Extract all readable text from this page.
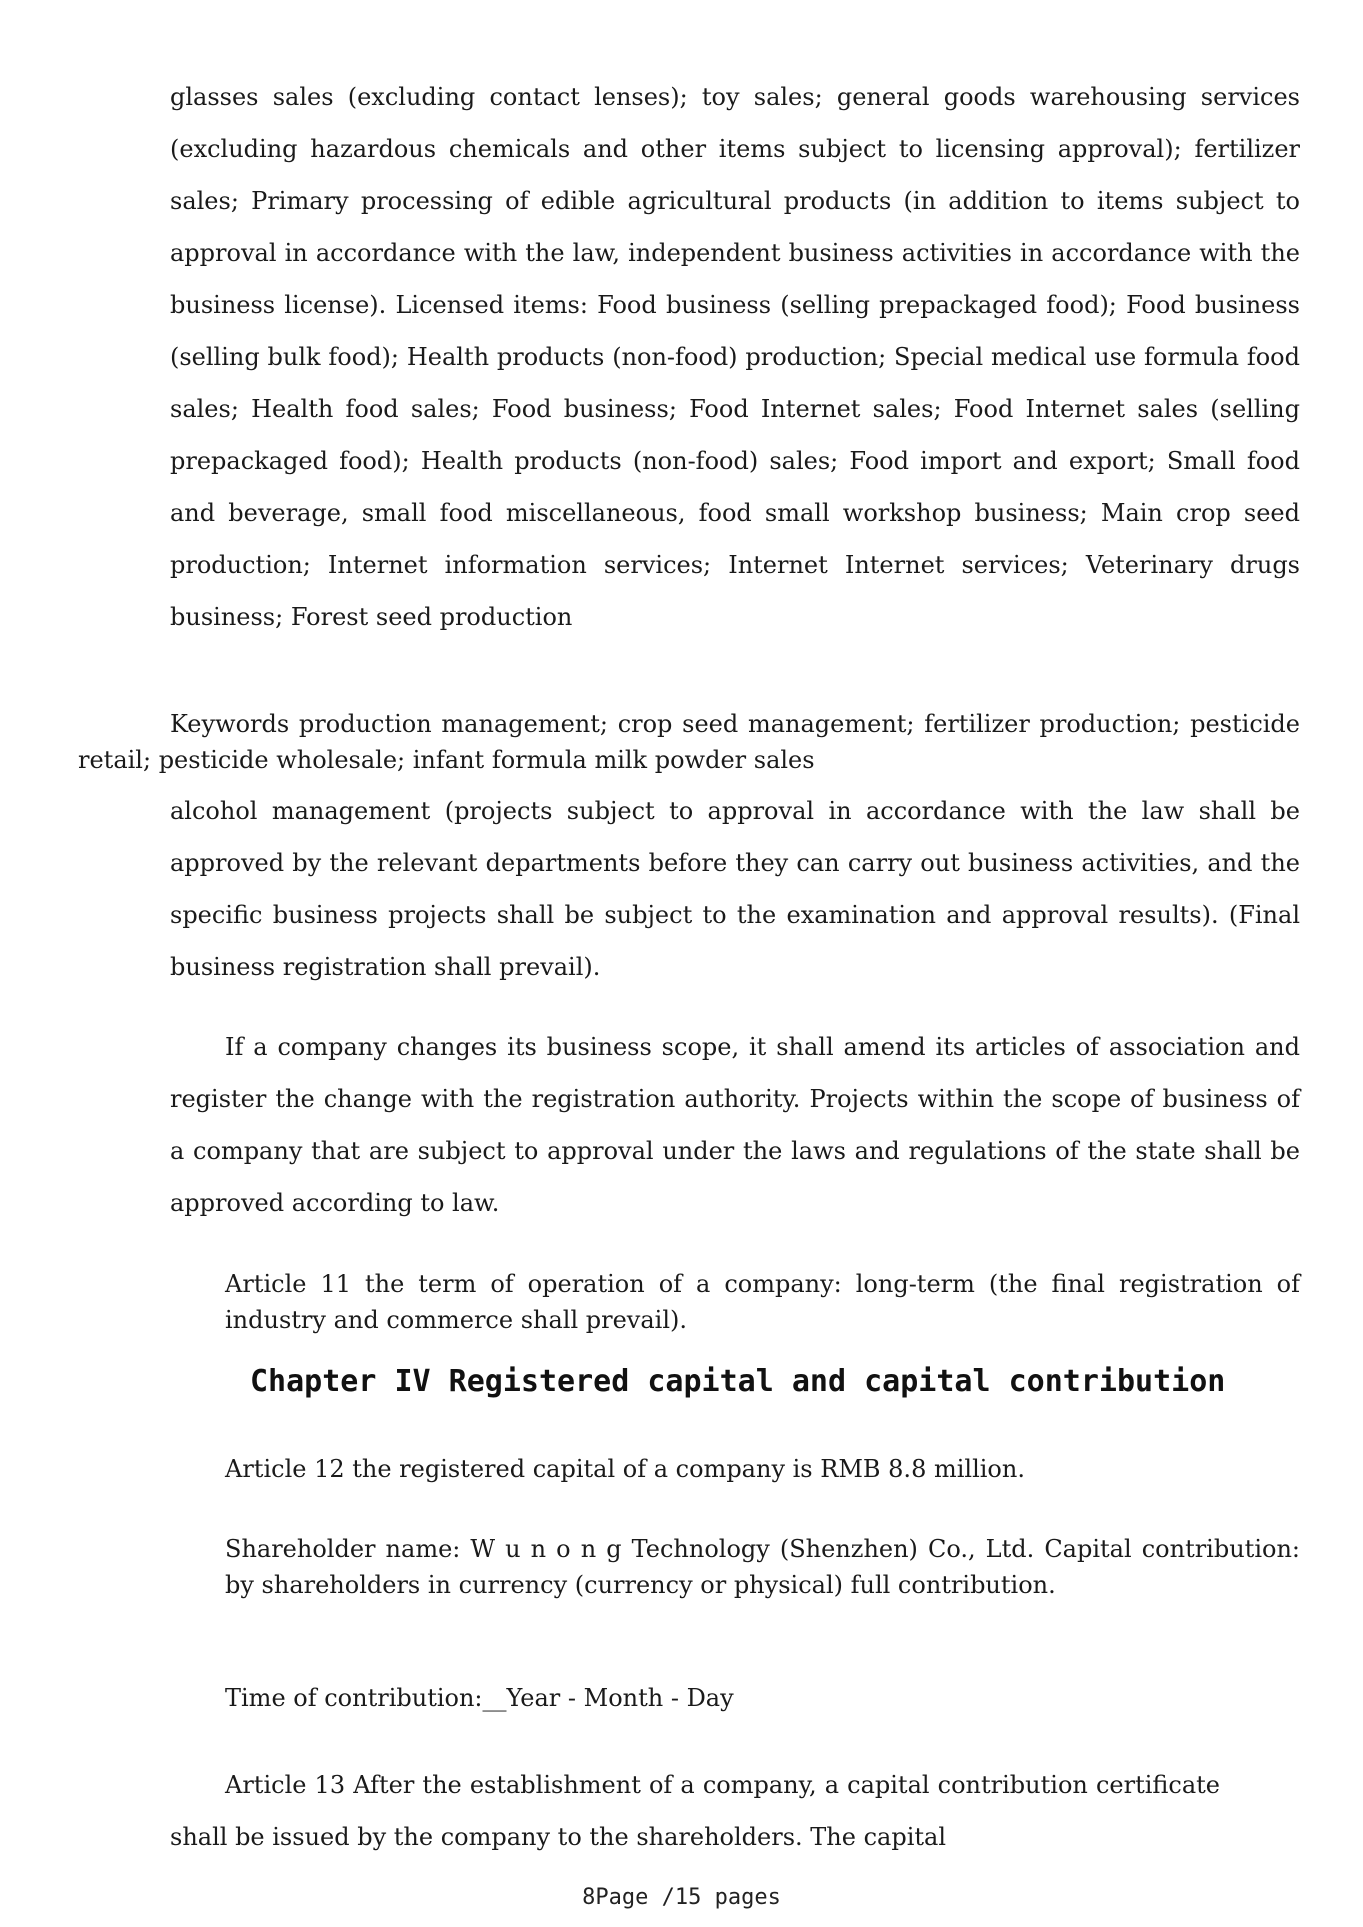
glasses sales (excluding contact lenses); toy sales; general goods warehousing services (excluding hazardous chemicals and other items subject to licensing approval); fertilizer sales; Primary processing of edible agricultural products (in addition to items subject to approval in accordance with the law, independent business activities in accordance with the business license). Licensed items: Food business (selling prepackaged food); Food business (selling bulk food); Health products (non-food) production; Special medical use formula food sales; Health food sales; Food business; Food Internet sales; Food Internet sales (selling prepackaged food); Health products (non-food) sales; Food import and export; Small food and beverage, small food miscellaneous, food small workshop business; Main crop seed production; Internet information services; Internet Internet services; Veterinary drugs business; Forest seed production

Keywords production management; crop seed management; fertilizer production; pesticide retail; pesticide wholesale; infant formula milk powder sales

alcohol management (projects subject to approval in accordance with the law shall be approved by the relevant departments before they can carry out business activities, and the specific business projects shall be subject to the examination and approval results). (Final business registration shall prevail).

If a company changes its business scope, it shall amend its articles of association and register the change with the registration authority. Projects within the scope of business of a company that are subject to approval under the laws and regulations of the state shall be approved according to law.

Article 11 the term of operation of a company: long-term (the final registration of industry and commerce shall prevail).

Chapter IV Registered capital and capital contribution

Article 12 the registered capital of a company is RMB 8.8 million.

Shareholder name: W u n o n g Technology (Shenzhen) Co., Ltd. Capital contribution: by shareholders in currency (currency or physical) full contribution.

Time of contribution:__Year - Month - Day

Article 13 After the establishment of a company, a capital contribution certificate shall be issued by the company to the shareholders. The capital

8Page /15 pages
